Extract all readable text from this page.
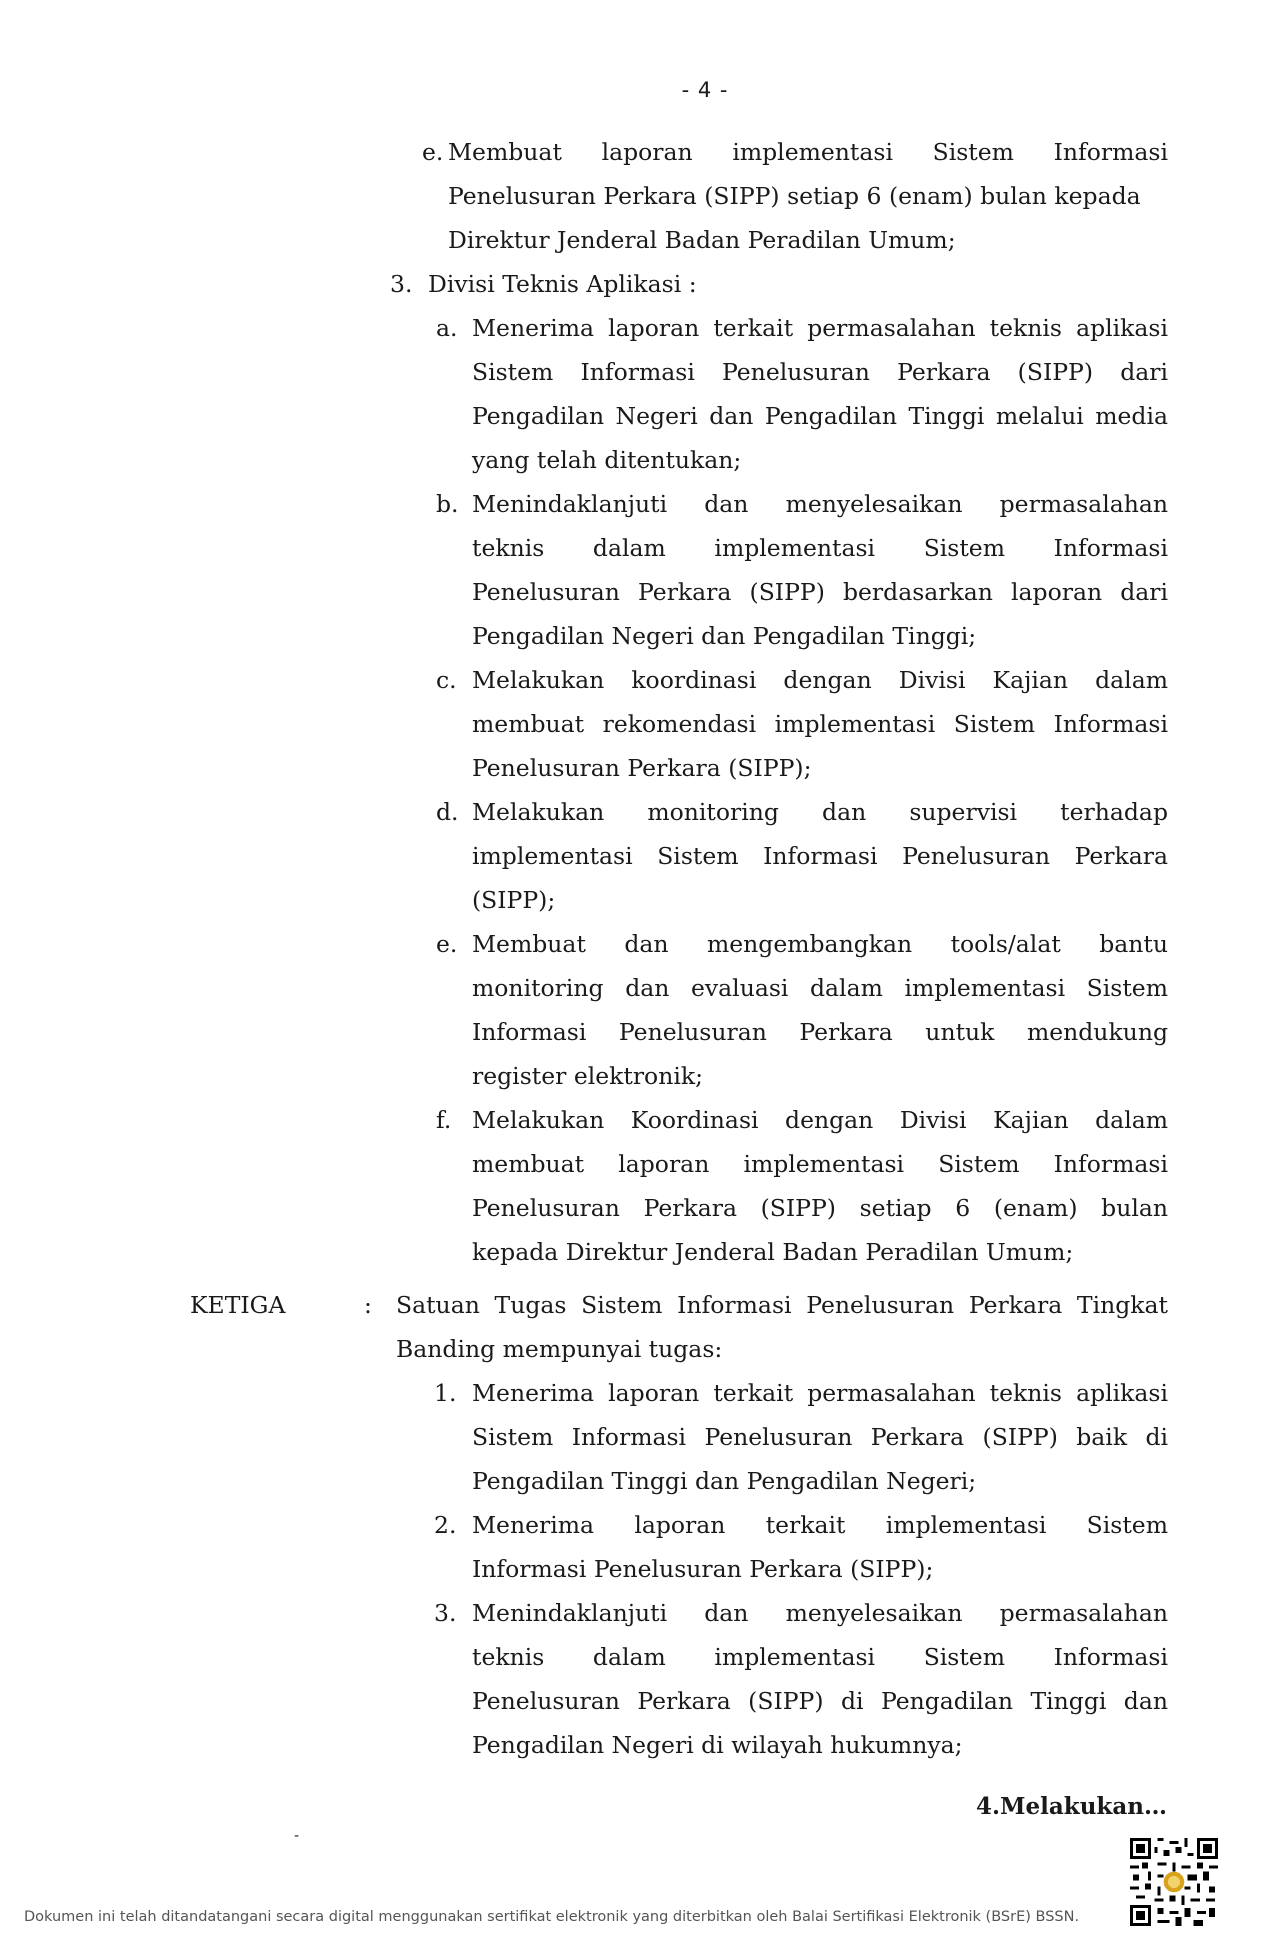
- 4 -
e. Membuat laporan implementasi Sistem Informasi
Penelusuran Perkara (SIPP) setiap 6 (enam) bulan kepada
Direktur Jenderal Badan Peradilan Umum;
3. Divisi Teknis Aplikasi :
a. Menerima laporan terkait permasalahan teknis aplikasi
Sistem Informasi Penelusuran Perkara (SIPP) dari
Pengadilan Negeri dan Pengadilan Tinggi melalui media
yang telah ditentukan;
b. Menindaklanjuti dan menyelesaikan permasalahan
teknis dalam implementasi Sistem Informasi
Penelusuran Perkara (SIPP) berdasarkan laporan dari
Pengadilan Negeri dan Pengadilan Tinggi;
c. Melakukan koordinasi dengan Divisi Kajian dalam
membuat rekomendasi implementasi Sistem Informasi
Penelusuran Perkara (SIPP);
d. Melakukan monitoring dan supervisi terhadap
implementasi Sistem Informasi Penelusuran Perkara
(SIPP);
e. Membuat dan mengembangkan tools/alat bantu
monitoring dan evaluasi dalam implementasi Sistem
Informasi Penelusuran Perkara untuk mendukung
register elektronik;
f. Melakukan Koordinasi dengan Divisi Kajian dalam
membuat laporan implementasi Sistem Informasi
Penelusuran Perkara (SIPP) setiap 6 (enam) bulan
kepada Direktur Jenderal Badan Peradilan Umum;
KETIGA	: Satuan Tugas Sistem Informasi Penelusuran Perkara Tingkat
Banding mempunyai tugas:
1. Menerima laporan terkait permasalahan teknis aplikasi
Sistem Informasi Penelusuran Perkara (SIPP) baik di
Pengadilan Tinggi dan Pengadilan Negeri;
2. Menerima laporan terkait implementasi Sistem
Informasi Penelusuran Perkara (SIPP);
3. Menindaklanjuti dan menyelesaikan permasalahan
teknis dalam implementasi Sistem Informasi
Penelusuran Perkara (SIPP) di Pengadilan Tinggi dan
Pengadilan Negeri di wilayah hukumnya;
4.Melakukan…
-
Dokumen ini telah ditandatangani secara digital menggunakan sertifikat elektronik yang diterbitkan oleh Balai Sertifikasi Elektronik (BSrE) BSSN.
